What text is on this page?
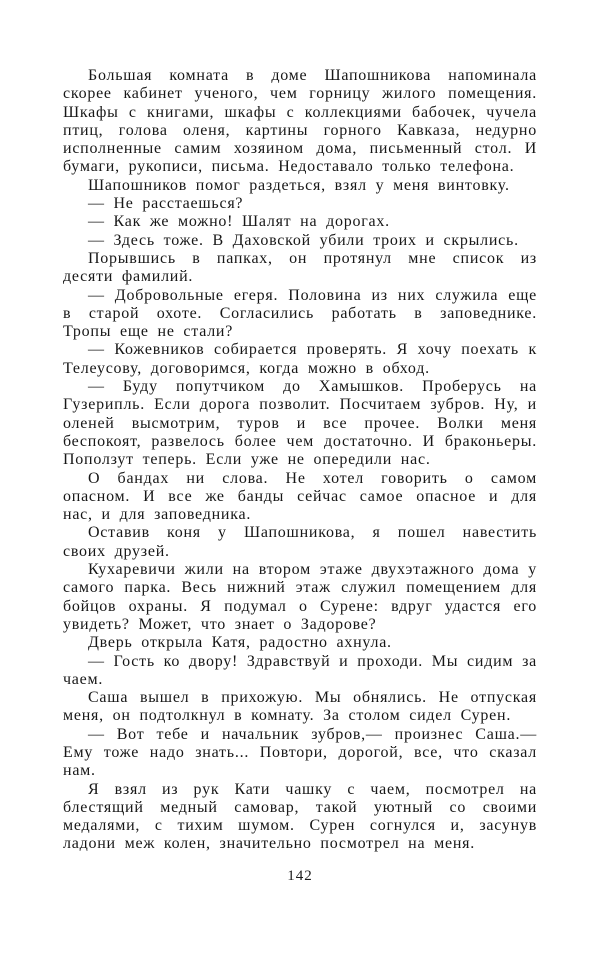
Большая комната в доме Шапошникова напоминала скорее кабинет ученого, чем горницу жилого помещения. Шкафы с книгами, шкафы с коллекциями бабочек, чучела птиц, голова оленя, картины горного Кавказа, недурно исполненные самим хозяином дома, письменный стол. И бумаги, рукописи, письма. Недоставало только телефона.

Шапошников помог раздеться, взял у меня винтовку.

— Не расстаешься?

— Как же можно! Шалят на дорогах.

— Здесь тоже. В Даховской убили троих и скрылись.

Порывшись в папках, он протянул мне список из десяти фамилий.

— Добровольные егеря. Половина из них служила еще в старой охоте. Согласились работать в заповеднике. Тропы еще не стали?

— Кожевников собирается проверять. Я хочу поехать к Телеусову, договоримся, когда можно в обход.

— Буду попутчиком до Хамышков. Проберусь на Гузерипль. Если дорога позволит. Посчитаем зубров. Ну, и оленей высмотрим, туров и все прочее. Волки меня беспокоят, развелось более чем достаточно. И браконьеры. Поползут теперь. Если уже не опередили нас.

О бандах ни слова. Не хотел говорить о самом опасном. И все же банды сейчас самое опасное и для нас, и для заповедника.

Оставив коня у Шапошникова, я пошел навестить своих друзей.

Кухаревичи жили на втором этаже двухэтажного дома у самого парка. Весь нижний этаж служил помещением для бойцов охраны. Я подумал о Сурене: вдруг удастся его увидеть? Может, что знает о Задорове?

Дверь открыла Катя, радостно ахнула.

— Гость ко двору! Здравствуй и проходи. Мы сидим за чаем.

Саша вышел в прихожую. Мы обнялись. Не отпуская меня, он подтолкнул в комнату. За столом сидел Сурен.

— Вот тебе и начальник зубров,— произнес Саша.— Ему тоже надо знать... Повтори, дорогой, все, что сказал нам.

Я взял из рук Кати чашку с чаем, посмотрел на блестящий медный самовар, такой уютный со своими медалями, с тихим шумом. Сурен согнулся и, засунув ладони меж колен, значительно посмотрел на меня.

142
